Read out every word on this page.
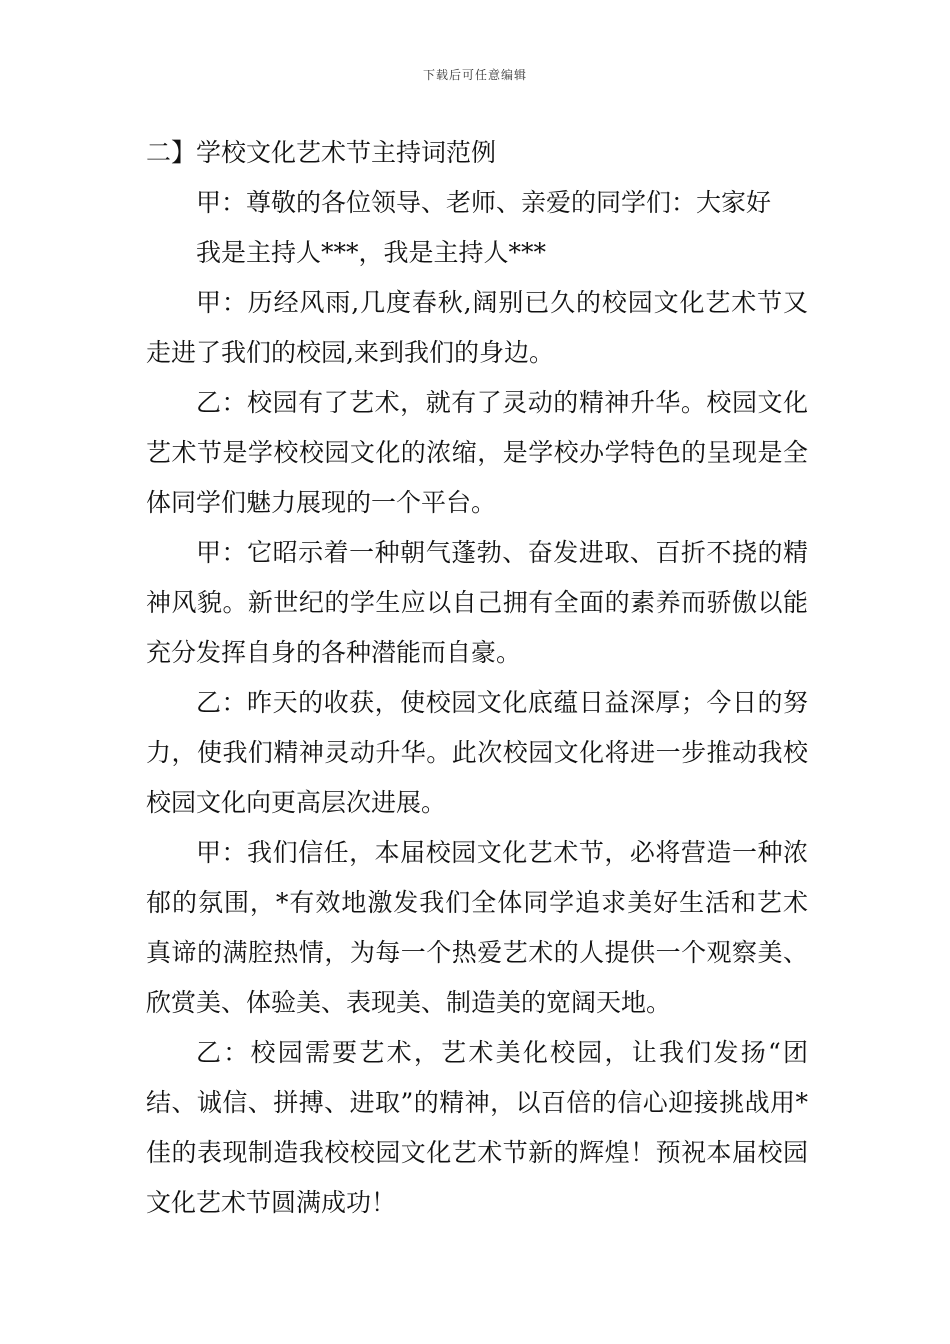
下载后可任意编辑
二】学校文化艺术节主持词范例

甲：尊敬的各位领导、老师、亲爱的同学们：大家好

我是主持人***，我是主持人***

甲：历经风雨,几度春秋,阔别已久的校园文化艺术节又走进了我们的校园,来到我们的身边。

乙：校园有了艺术，就有了灵动的精神升华。校园文化艺术节是学校校园文化的浓缩，是学校办学特色的呈现是全体同学们魅力展现的一个平台。

甲：它昭示着一种朝气蓬勃、奋发进取、百折不挠的精神风貌。新世纪的学生应以自己拥有全面的素养而骄傲以能充分发挥自身的各种潜能而自豪。

乙：昨天的收获，使校园文化底蕴日益深厚；今日的努力，使我们精神灵动升华。此次校园文化将进一步推动我校校园文化向更高层次进展。

甲：我们信任，本届校园文化艺术节，必将营造一种浓郁的氛围，*有效地激发我们全体同学追求美好生活和艺术真谛的满腔热情，为每一个热爱艺术的人提供一个观察美、欣赏美、体验美、表现美、制造美的宽阔天地。

乙：校园需要艺术，艺术美化校园，让我们发扬“团结、诚信、拼搏、进取”的精神，以百倍的信心迎接挑战用*佳的表现制造我校校园文化艺术节新的辉煌！预祝本届校园文化艺术节圆满成功！
